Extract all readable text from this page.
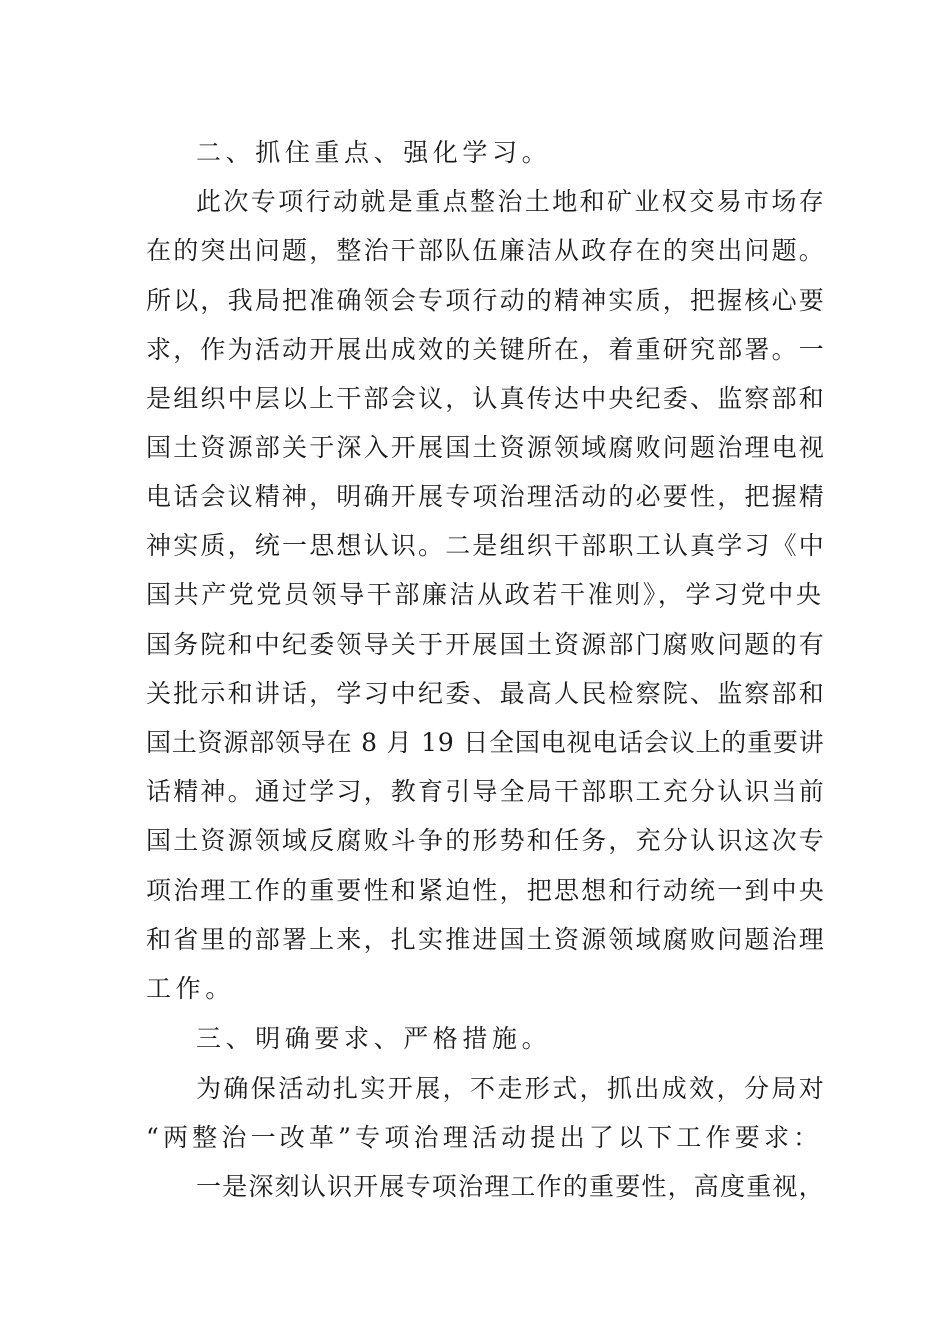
二、抓住重点、强化学习。
此次专项行动就是重点整治土地和矿业权交易市场存
在的突出问题，整治干部队伍廉洁从政存在的突出问题。
所以，我局把准确领会专项行动的精神实质，把握核心要
求，作为活动开展出成效的关键所在，着重研究部署。一
是组织中层以上干部会议，认真传达中央纪委、监察部和
国土资源部关于深入开展国土资源领域腐败问题治理电视
电话会议精神，明确开展专项治理活动的必要性，把握精
神实质，统一思想认识。二是组织干部职工认真学习《中
国共产党党员领导干部廉洁从政若干准则》，学习党中央
国务院和中纪委领导关于开展国土资源部门腐败问题的有
关批示和讲话，学习中纪委、最高人民检察院、监察部和
国土资源部领导在 8 月 19 日全国电视电话会议上的重要讲
话精神。通过学习，教育引导全局干部职工充分认识当前
国土资源领域反腐败斗争的形势和任务，充分认识这次专
项治理工作的重要性和紧迫性，把思想和行动统一到中央
和省里的部署上来，扎实推进国土资源领域腐败问题治理
工作。
三、明确要求、严格措施。
为确保活动扎实开展，不走形式，抓出成效，分局对
“两整治一改革”专项治理活动提出了以下工作要求：
一是深刻认识开展专项治理工作的重要性，高度重视，
